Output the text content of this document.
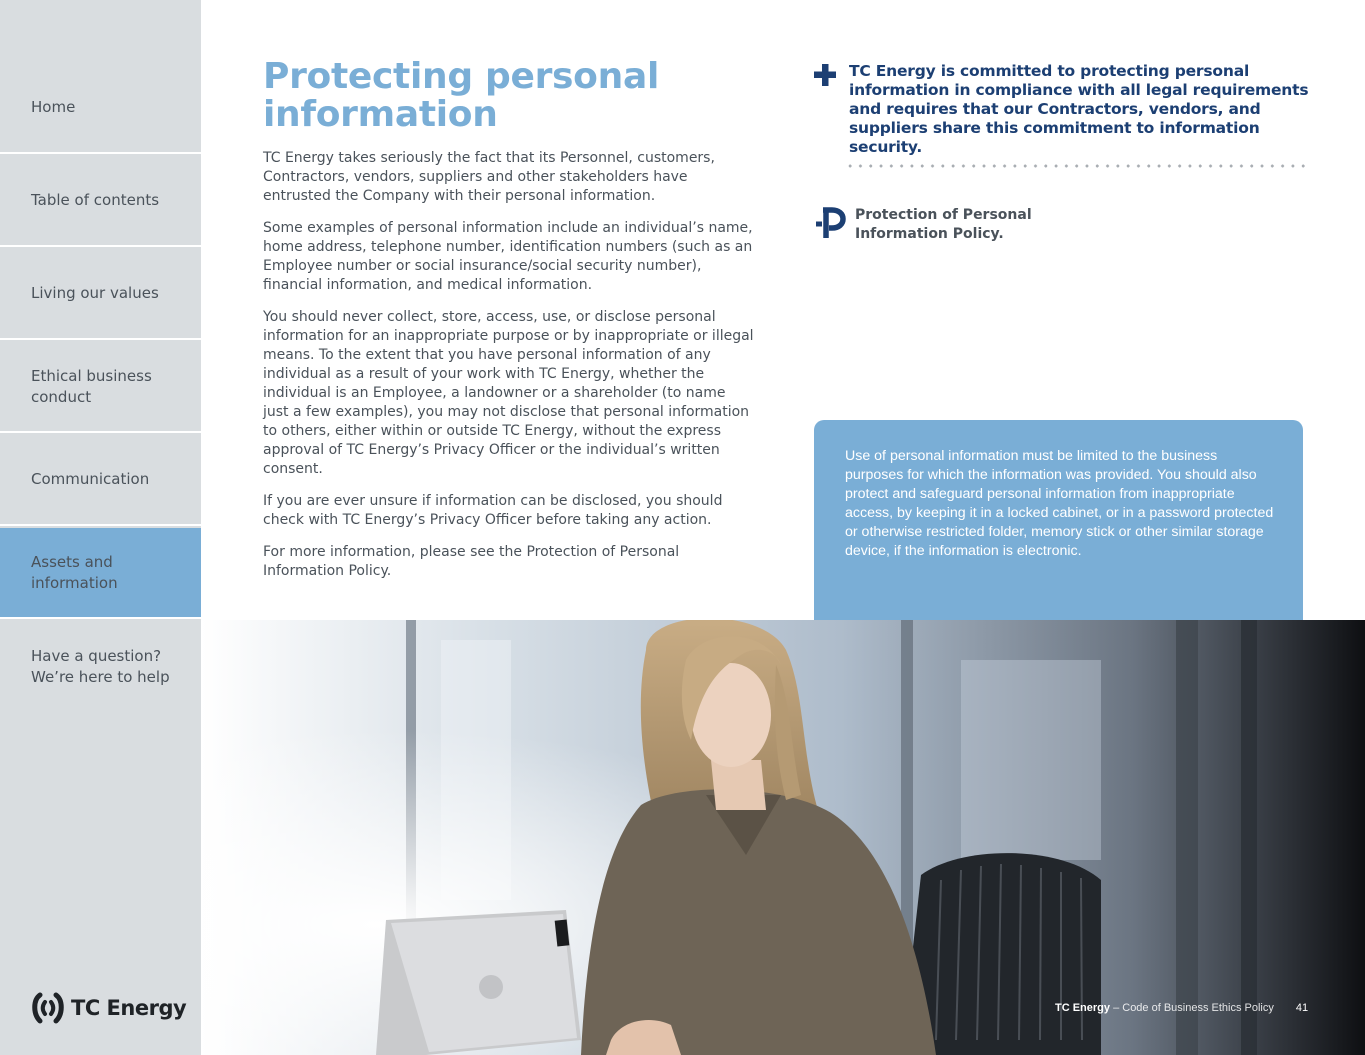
Home
Table of contents
Living our values
Ethical business
conduct
Communication
Assets and
information
Have a question?
We’re here to help
TC Energy
Protecting personal information

TC Energy takes seriously the fact that its Personnel, customers, Contractors, vendors, suppliers and other stakeholders have entrusted the Company with their personal information.

Some examples of personal information include an individual’s name, home address, telephone number, identification numbers (such as an Employee number or social insurance/social security number), financial information, and medical information.

You should never collect, store, access, use, or disclose personal information for an inappropriate purpose or by inappropriate or illegal means. To the extent that you have personal information of any individual as a result of your work with TC Energy, whether the individual is an Employee, a landowner or a shareholder (to name just a few examples), you may not disclose that personal information to others, either within or outside TC Energy, without the express approval of TC Energy’s Privacy Officer or the individual’s written consent.

If you are ever unsure if information can be disclosed, you should check with TC Energy’s Privacy Officer before taking any action.

For more information, please see the Protection of Personal Information Policy.

TC Energy is committed to protecting personal information in compliance with all legal requirements and requires that our Contractors, vendors, and suppliers share this commitment to information security.
Protection of Personal Information Policy.

Use of personal information must be limited to the business purposes for which the information was provided. You should also protect and safeguard personal information from inappropriate access, by keeping it in a locked cabinet, or in a password protected or otherwise restricted folder, memory stick or other similar storage device, if the information is electronic.

TC Energy – Code of Business Ethics Policy 41
